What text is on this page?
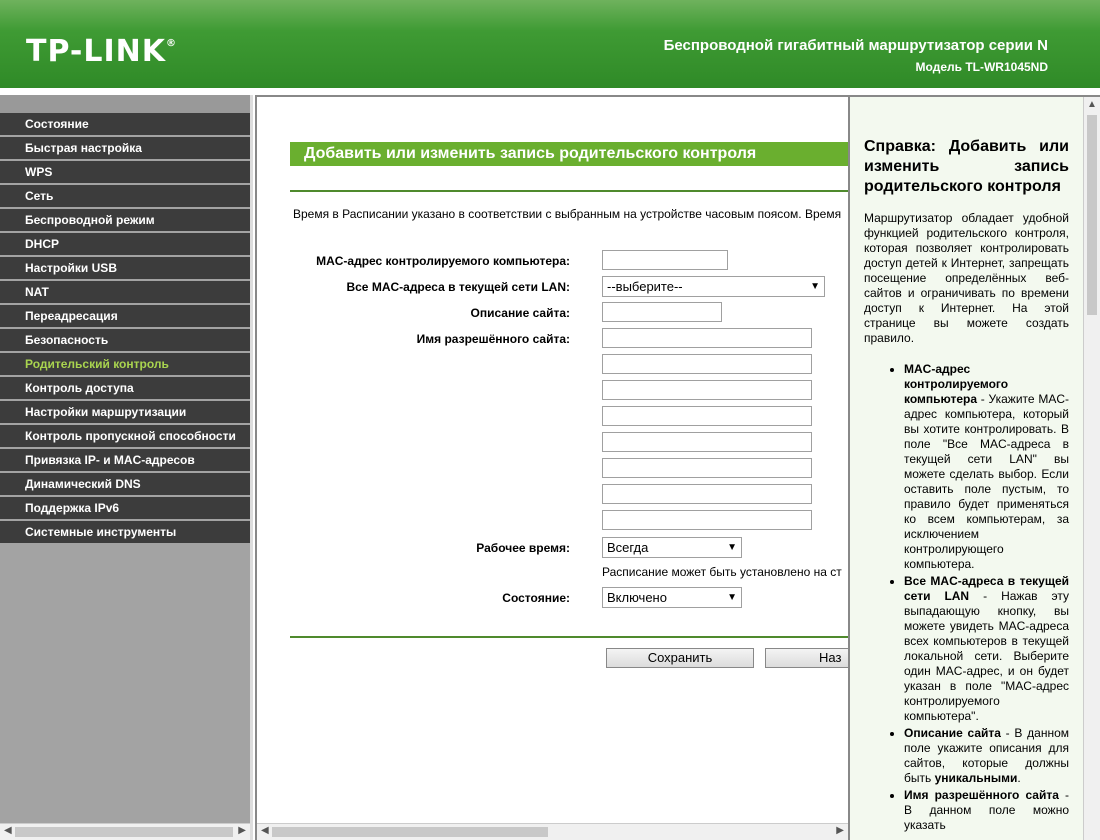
TP-LINK®	Беспроводной гигабитный маршрутизатор серии N
Модель TL-WR1045ND
Состояние
Быстрая настройка
WPS
Сеть
Беспроводной режим
DHCP
Настройки USB
NAT
Переадресация
Безопасность
Родительский контроль
Контроль доступа
Настройки маршрутизации
Контроль пропускной способности
Привязка IP- и MAC-адресов
Динамический DNS
Поддержка IPv6
Системные инструменты
◀	▶
Добавить или изменить запись родительского контроля
Время в Расписании указано в соответствии с выбранным на устройстве часовым поясом. Время
MAC-адрес контролируемого компьютера:
Все MAC-адреса в текущей сети LAN:	--выберите--	▼
Описание сайта:
Имя разрешённого сайта:
Рабочее время:	Всегда	▼
Расписание может быть установлено на ст
Состояние:	Включено	▼
Сохранить	Наз
◀	▶
Справка: Добавить или изменить запись родительского контроля
Маршрутизатор обладает удобной функцией родительского контроля, которая позволяет контролировать доступ детей к Интернет, запрещать посещение определённых веб-сайтов и ограничивать по времени доступ к Интернет. На этой странице вы можете создать правило.
• MAC-адрес контролируемого компьютера - Укажите MAC-адрес компьютера, который вы хотите контролировать. В поле "Все MAC-адреса в текущей сети LAN" вы можете сделать выбор. Если оставить поле пустым, то правило будет применяться ко всем компьютерам, за исключением контролирующего компьютера.
• Все MAC-адреса в текущей сети LAN - Нажав эту выпадающую кнопку, вы можете увидеть MAC-адреса всех компьютеров в текущей локальной сети. Выберите один MAC-адрес, и он будет указан в поле "MAC-адрес контролируемого компьютера".
• Описание сайта - В данном поле укажите описания для сайтов, которые должны быть уникальными.
• Имя разрешённого сайта - В данном поле можно указать
▲
